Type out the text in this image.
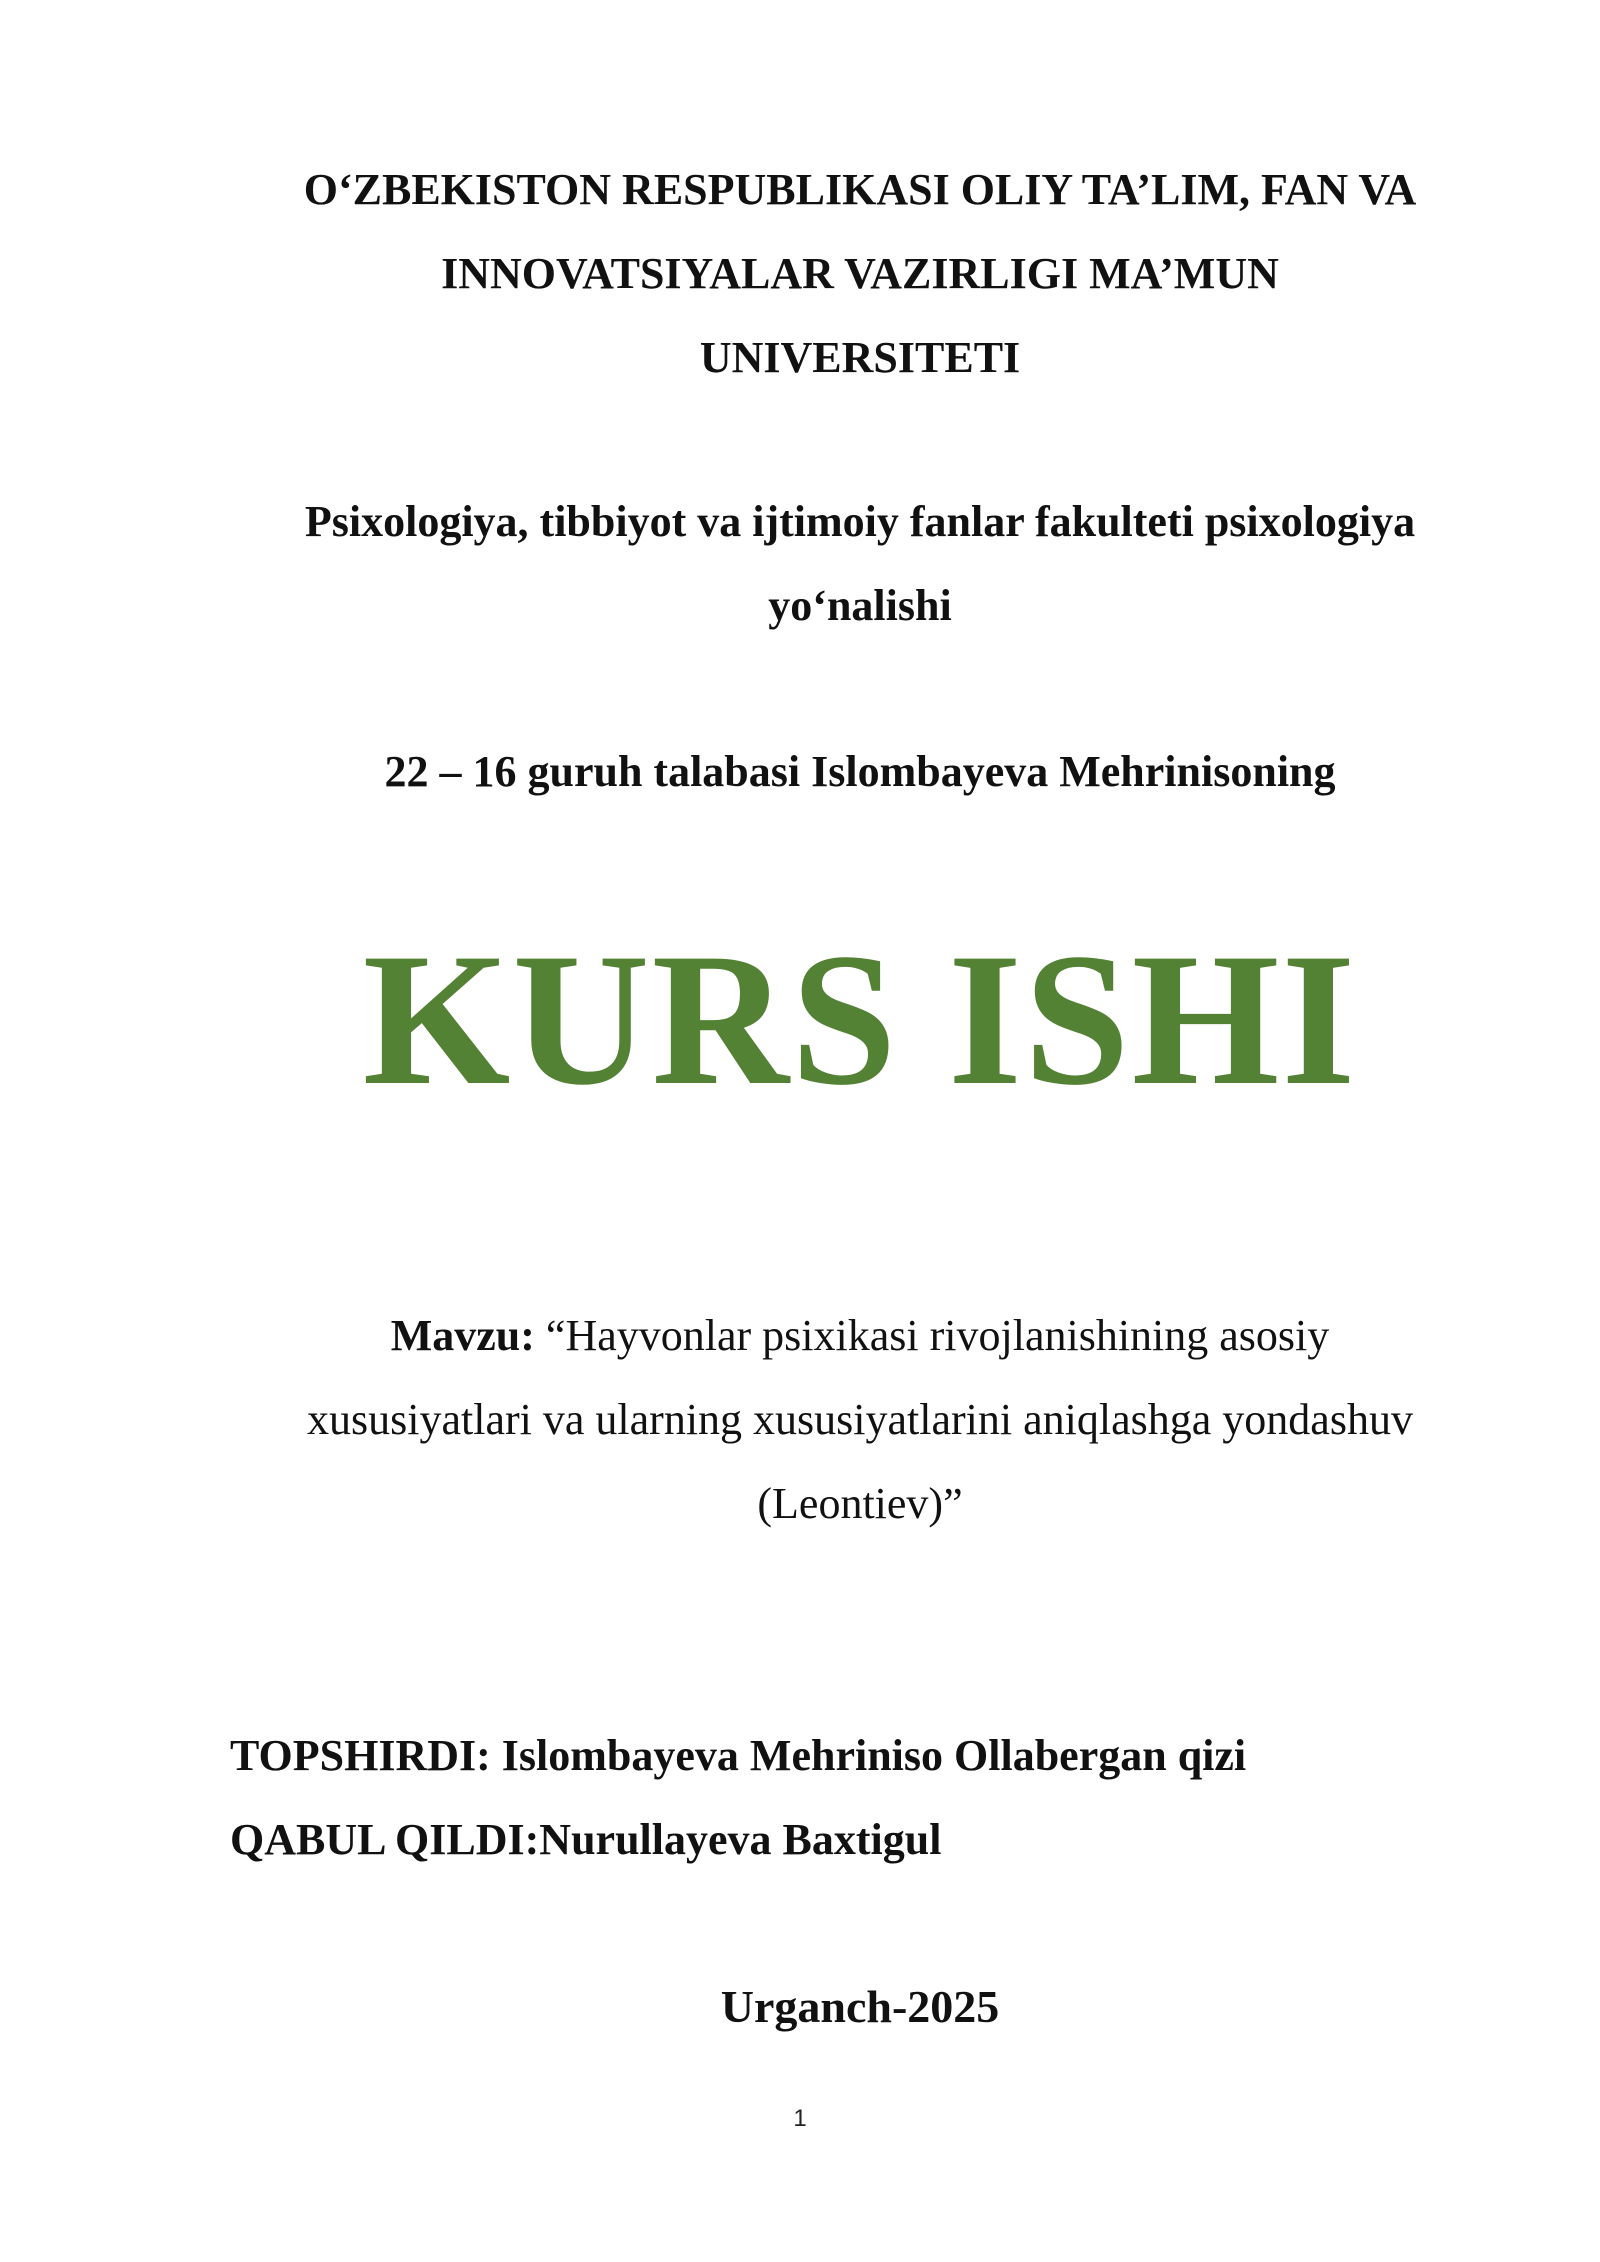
O‘ZBEKISTON RESPUBLIKASI OLIY TA’LIM, FAN VA
INNOVATSIYALAR VAZIRLIGI MA’MUN
UNIVERSITETI
Psixologiya, tibbiyot va ijtimoiy fanlar fakulteti psixologiya
yo‘nalishi
22 – 16 guruh talabasi Islombayeva Mehrinisoning
KURS ISHI
Mavzu: “Hayvonlar psixikasi rivojlanishining asosiy
xususiyatlari va ularning xususiyatlarini aniqlashga yondashuv
(Leontiev)”
TOPSHIRDI: Islombayeva Mehriniso Ollabergan qizi
QABUL QILDI:Nurullayeva Baxtigul
Urganch-2025
1
